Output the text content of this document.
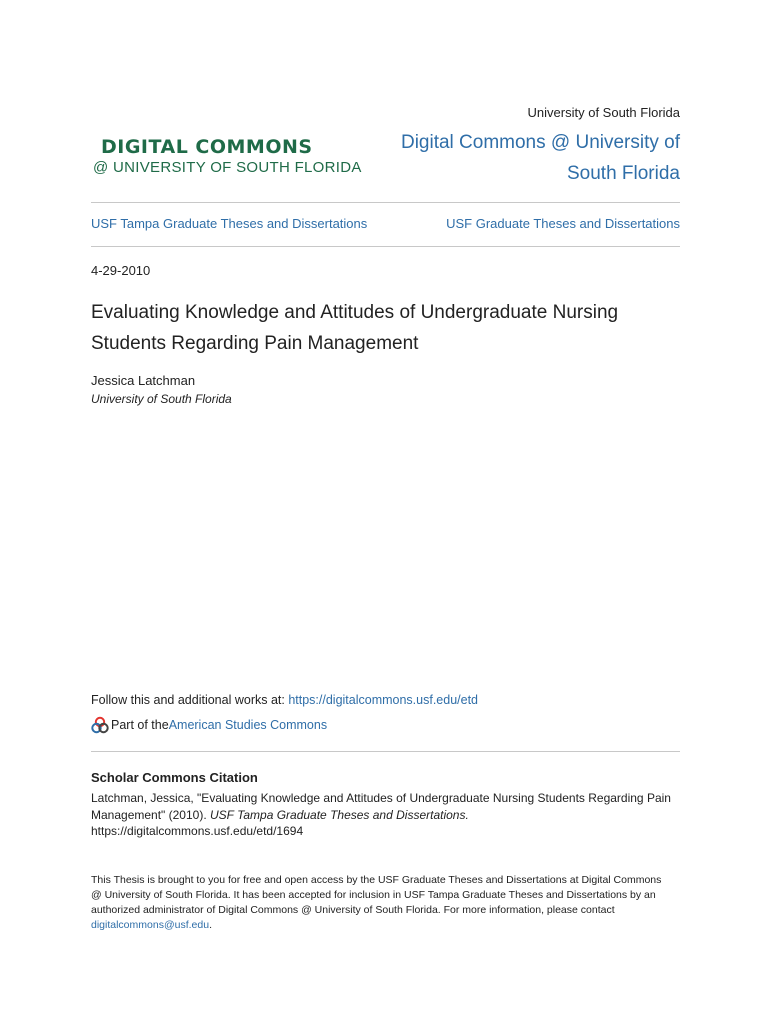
DIGITAL COMMONS
@ UNIVERSITY OF SOUTH FLORIDA
University of South Florida
Digital Commons @ University of South Florida
USF Tampa Graduate Theses and Dissertations	USF Graduate Theses and Dissertations
4-29-2010
Evaluating Knowledge and Attitudes of Undergraduate Nursing Students Regarding Pain Management
Jessica Latchman
University of South Florida
Follow this and additional works at: https://digitalcommons.usf.edu/etd
Part of the American Studies Commons
Scholar Commons Citation
Latchman, Jessica, "Evaluating Knowledge and Attitudes of Undergraduate Nursing Students Regarding Pain Management" (2010). USF Tampa Graduate Theses and Dissertations.
https://digitalcommons.usf.edu/etd/1694
This Thesis is brought to you for free and open access by the USF Graduate Theses and Dissertations at Digital Commons @ University of South Florida. It has been accepted for inclusion in USF Tampa Graduate Theses and Dissertations by an authorized administrator of Digital Commons @ University of South Florida. For more information, please contact digitalcommons@usf.edu.
